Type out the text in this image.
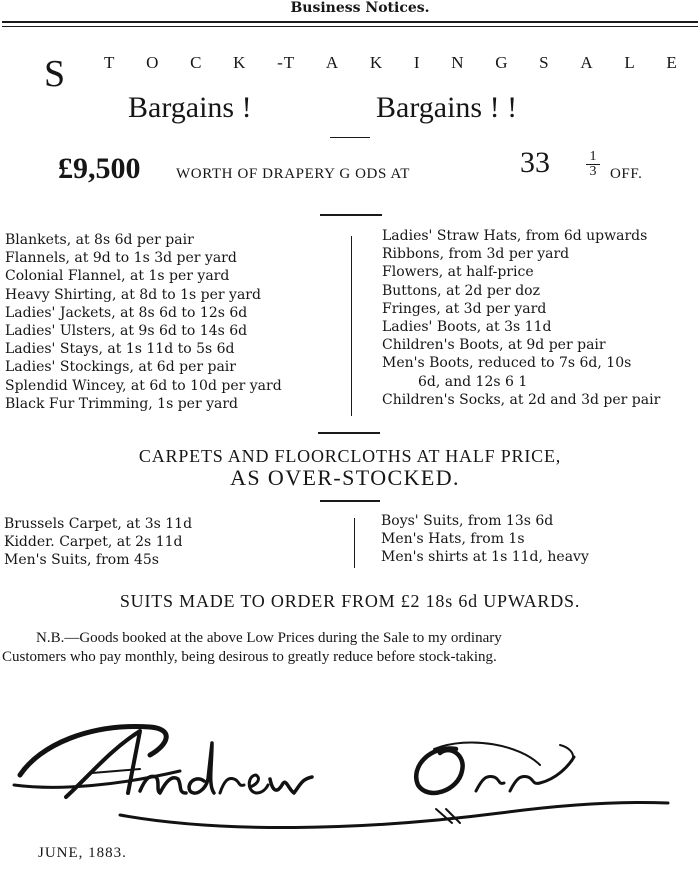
Business Notices.
S T O C K -T A K I N G S A L E
Bargains !	Bargains ! !
£9,500 WORTH OF DRAPERY G ODS AT	33	$\frac{1}{3}$ OFF.
Blankets, at 8s 6d per pair
Flannels, at 9d to 1s 3d per yard
Colonial Flannel, at 1s per yard
Heavy Shirting, at 8d to 1s per yard
Ladies' Jackets, at 8s 6d to 12s 6d
Ladies' Ulsters, at 9s 6d to 14s 6d
Ladies' Stays, at 1s 11d to 5s 6d
Ladies' Stockings, at 6d per pair
Splendid Wincey, at 6d to 10d per yard
Black Fur Trimming, 1s per yard
Ladies' Straw Hats, from 6d upwards
Ribbons, from 3d per yard
Flowers, at half-price
Buttons, at 2d per doz
Fringes, at 3d per yard
Ladies' Boots, at 3s 11d
Children's Boots, at 9d per pair
Men's Boots, reduced to 7s 6d, 10s
6d, and 12s 6 1
Children's Socks, at 2d and 3d per pair
CARPETS AND FLOORCLOTHS AT HALF PRICE,
AS OVER-STOCKED.
Brussels Carpet, at 3s 11d
Kidder. Carpet, at 2s 11d
Men's Suits, from 45s
Boys' Suits, from 13s 6d
Men's Hats, from 1s
Men's shirts at 1s 11d, heavy
SUITS MADE TO ORDER FROM £2 18s 6d UPWARDS.
N.B.—Goods booked at the above Low Prices during the Sale to my ordinary
Customers who pay monthly, being desirous to greatly reduce before stock-taking.
JUNE, 1883.
